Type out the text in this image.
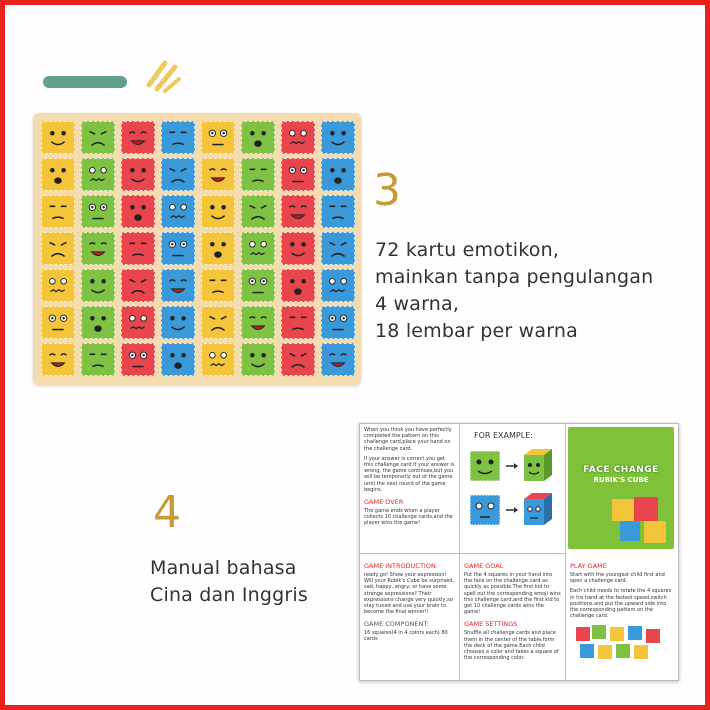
3
72 kartu emotikon,
mainkan tanpa pengulangan
4 warna,
18 lembar per warna
4
Manual bahasa
Cina dan Inggris
When you think you have perfectly completed the pattern on this challenge card,place your hand on the challenge card.
If your answer is correct,you get this challenge card.If your answer is wrong, the game continues,but you will be temporarily out of the game until the next round of the game begins.
GAME OVER
The game ends when a player collects 10 challenge cards,and the player wins the game!
FOR EXAMPLE:
FACE CHANGE
RUBIK'S CUBE
GAME INTRODUCTION
ready,go! Show your expression! Will your Rubik's Cube be surprised, sad, happy, angry, or have some strange expressions? Their expressions change very quickly,so stay tuned and use your brain to become the final winner!!
GAME COMPONENT:
16 squares(4 in 4 colors each) 80 cards
GAME GOAL
Put the 4 squares in your hand into the face on the challenge card as quickly as possible.The first kid to spell out the corresponding emoji wins this challenge card,and the first kid to get 10 challenge cards wins the game!
GAME SETTINGS
Shuffle all challenge cards and place them in the center of the table,form the deck of the game.Each child chooses a color and takes a square of the corresponding color.
PLAY GAME
Start with the youngest child first and open a challenge card.
Each child needs to rotate the 4 squares in his hand at the fastest speed,switch positions,and put the upward side into the corresponding pattern on the challenge card.
